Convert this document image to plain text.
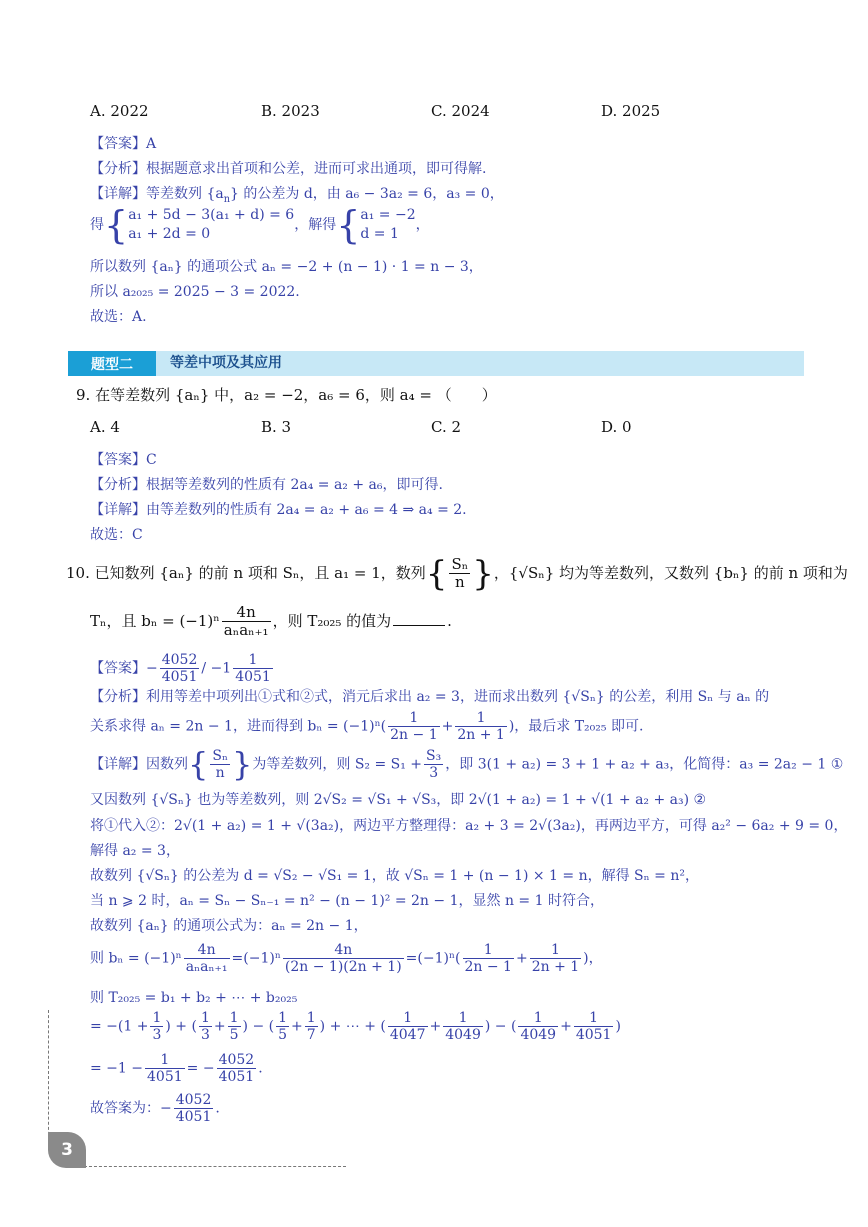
A. 2022	B. 2023	C. 2024	D. 2025
【答案】A
【分析】根据题意求出首项和公差，进而可求出通项，即可得解.
【详解】等差数列 $\{a_n\}$ 的公差为 d，由 a₆ − 3a₂ = 6，a₃ = 0，
得{ a₁ + 5d − 3(a₁ + d) = 6
a₁ + 2d = 0
，解得{ a₁ = −2
d = 1
，
所以数列 {aₙ} 的通项公式 aₙ = −2 + (n − 1) · 1 = n − 3，
所以 a₂₀₂₅ = 2025 − 3 = 2022.
故选：A.
题型二	等差中项及其应用
9. 在等差数列 {aₙ} 中，a₂ = −2，a₆ = 6，则 a₄ = （　　）
A. 4	B. 3	C. 2	D. 0
【答案】C
【分析】根据等差数列的性质有 2a₄ = a₂ + a₆，即可得.
【详解】由等差数列的性质有 2a₄ = a₂ + a₆ = 4 ⇒ a₄ = 2.
故选：C
10. 已知数列 {aₙ} 的前 n 项和 Sₙ，且 a₁ = 1，数列{ $\frac{\text{Sₙ}}{n}$ }，{√Sₙ} 均为等差数列，又数列 {bₙ} 的前 n 项和为
Tₙ，且 $b_n = (-1)^n \frac{4n}{\text{aₙaₙ₊₁}}$ ，则 T₂₀₂₅ 的值为	.
【答案】− $\frac{4052}{4051} / -1 \frac{1}{4051}$
【分析】利用等差中项列出①式和②式，消元后求出 a₂ = 3，进而求出数列 {√Sₙ} 的公差，利用 Sₙ 与 aₙ 的
关系求得 aₙ = 2n − 1，进而得到 $b_n = (-1)^n( \frac{1}{2n - 1} + \frac{1}{2n + 1}$ )，最后求 T₂₀₂₅ 即可.
【详解】因数列{ $\frac{\text{Sₙ}}{n}$ }为等差数列，则 $S_2 = S_1 + \frac{\text{S₃}}{3}$ ，即 3(1 + a₂) = 3 + 1 + a₂ + a₃，化简得：a₃ = 2a₂ − 1 ①
又因数列 {√Sₙ} 也为等差数列，则 2√S₂ = √S₁ + √S₃，即 2√(1 + a₂) = 1 + √(1 + a₂ + a₃) ②
将①代入②：2√(1 + a₂) = 1 + √(3a₂)，两边平方整理得：a₂ + 3 = 2√(3a₂)，再两边平方，可得 a₂² − 6a₂ + 9 = 0，
解得 a₂ = 3，
故数列 {√Sₙ} 的公差为 d = √S₂ − √S₁ = 1，故 √Sₙ = 1 + (n − 1) × 1 = n，解得 Sₙ = n²，
当 n ⩾ 2 时，aₙ = Sₙ − Sₙ₋₁ = n² − (n − 1)² = 2n − 1，显然 n = 1 时符合，
故数列 {aₙ} 的通项公式为：aₙ = 2n − 1，
则 $b_n = (-1)^n \frac{4n}{\text{aₙaₙ₊₁}} =(-1)^n \frac{4n}{(2n - 1)(2n + 1)} =(-1)^n( \frac{1}{2n - 1} + \frac{1}{2n + 1}$ )，
则 T₂₀₂₅ = b₁ + b₂ + ⋯ + b₂₀₂₅
= $-(1 + \frac{1}{3}$ ) + ( $\frac{1}{3} + \frac{1}{5}$ ) − ( $\frac{1}{5} + \frac{1}{7}$ ) + ⋯ + ( $\frac{1}{4047} + \frac{1}{4049}$ ) − ( $\frac{1}{4049} + \frac{1}{4051}$ )
= $-1 - \frac{1}{4051}$ = − $\frac{4052}{4051}$ .
故答案为：− $\frac{4052}{4051}$ .
3
